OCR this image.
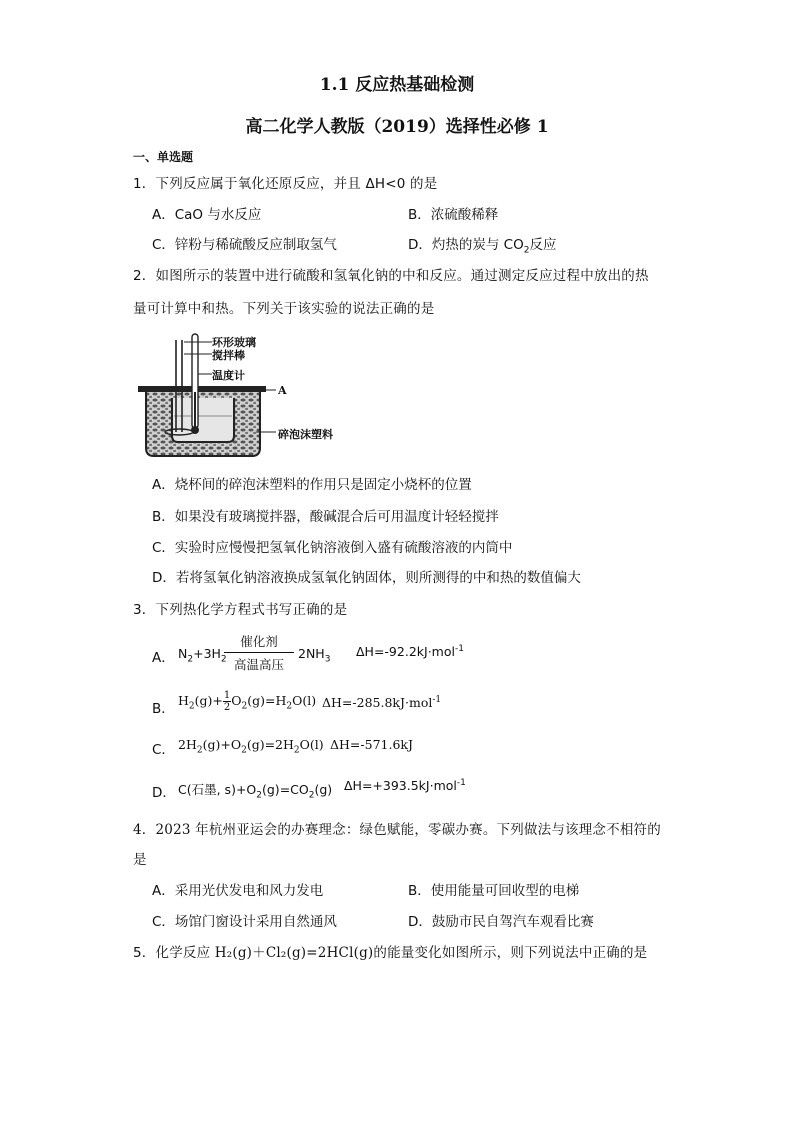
1.1 反应热基础检测
高二化学人教版（2019）选择性必修 1
一、单选题
1．下列反应属于氧化还原反应，并且 ΔH<0 的是
A．CaO 与水反应	B．浓硫酸稀释
C．锌粉与稀硫酸反应制取氢气	D．灼热的炭与 $CO_2$反应
2．如图所示的装置中进行硫酸和氢氧化钠的中和反应。通过测定反应过程中放出的热
量可计算中和热。下列关于该实验的说法正确的是
环形玻璃
搅拌棒
温度计
A
碎泡沫塑料
A．烧杯间的碎泡沫塑料的作用只是固定小烧杯的位置
B．如果没有玻璃搅拌器，酸碱混合后可用温度计轻轻搅拌
C．实验时应慢慢把氢氧化钠溶液倒入盛有硫酸溶液的内筒中
D．若将氢氧化钠溶液换成氢氧化钠固体，则所测得的中和热的数值偏大
3．下列热化学方程式书写正确的是
A． $N_2+3H_2$
催化剂
高温高压
$2NH_3$
ΔH=-92.2kJ·mol$^{-1}$
B．
$H_2(g)+ \frac{1}{2} O_2(g)=H_2O(l)$ ΔH=-285.8kJ·mol$^{-1}$
C． $2H_2(g)+O_2(g)=2H_2O(l)$ ΔH=-571.6kJ
D． C(石墨, $s)+O_2(g)=CO_2(g)$ ΔH=+393.5kJ·mol$^{-1}$
4．2023 年杭州亚运会的办赛理念：绿色赋能，零碳办赛。下列做法与该理念不相符的
是
A．采用光伏发电和风力发电	B．使用能量可回收型的电梯
C．场馆门窗设计采用自然通风	D．鼓励市民自驾汽车观看比赛
5．化学反应 H₂(g)＋Cl₂(g)=2HCl(g)的能量变化如图所示，则下列说法中正确的是
